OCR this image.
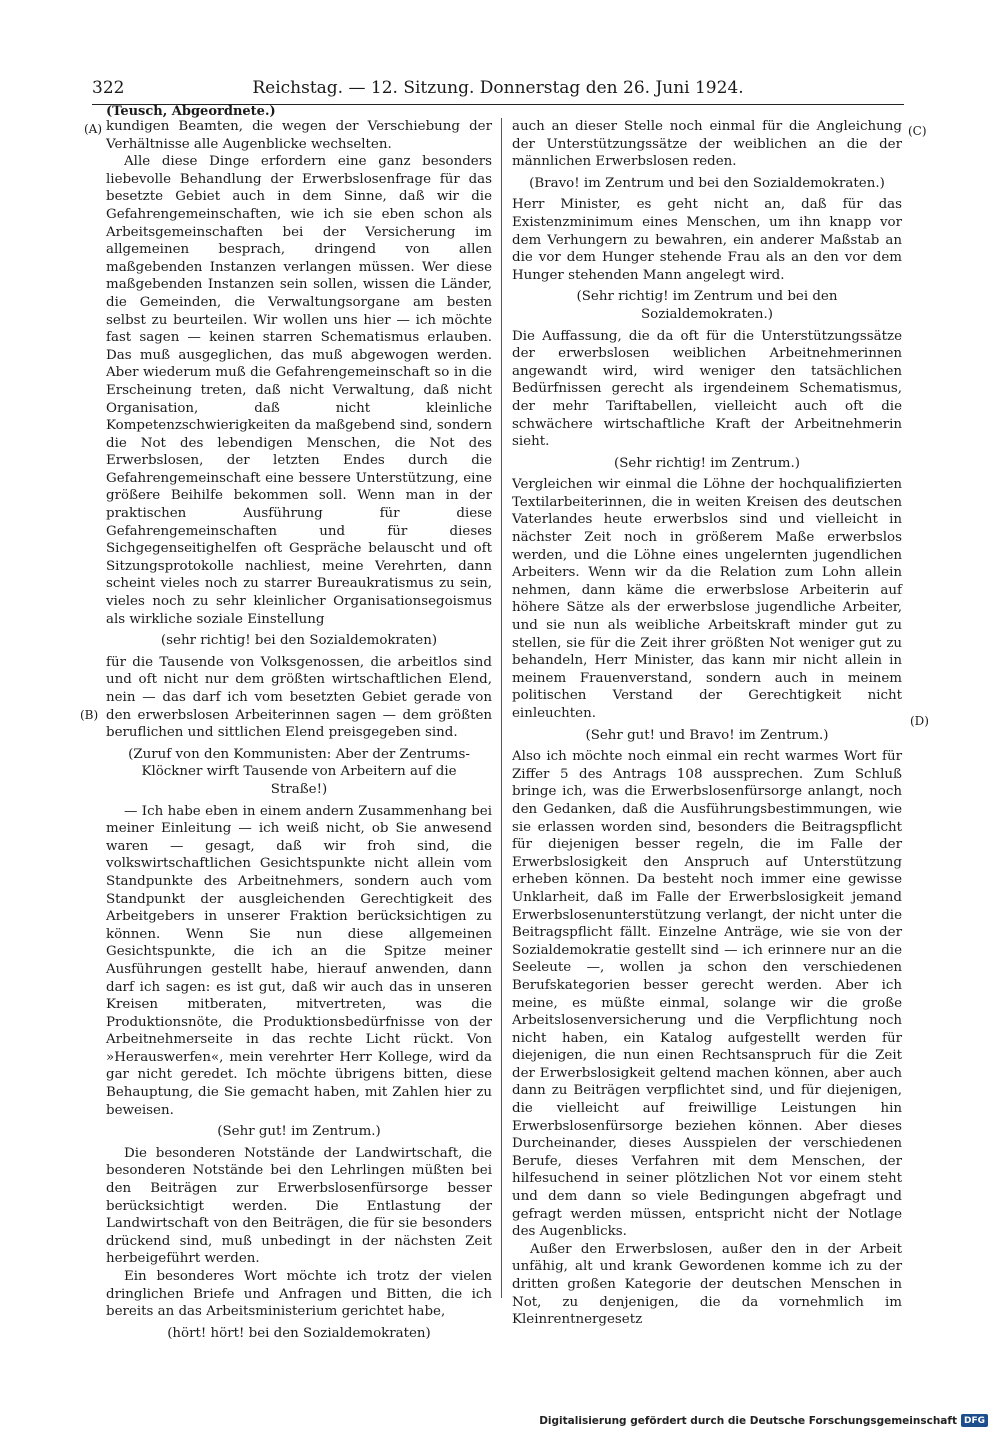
322	Reichstag. — 12. Sitzung. Donnerstag den 26. Juni 1924.
(Teusch, Abgeordnete.)
(A)
(B)
(C)
(D)

kundigen Beamten, die wegen der Verschiebung der Verhältnisse alle Augenblicke wechselten.

Alle diese Dinge erfordern eine ganz besonders liebevolle Behandlung der Erwerbslosenfrage für das besetzte Gebiet auch in dem Sinne, daß wir die Gefahrengemeinschaften, wie ich sie eben schon als Arbeitsgemeinschaften bei der Versicherung im allgemeinen besprach, dringend von allen maßgebenden Instanzen verlangen müssen. Wer diese maßgebenden Instanzen sein sollen, wissen die Länder, die Gemeinden, die Verwaltungsorgane am besten selbst zu beurteilen. Wir wollen uns hier — ich möchte fast sagen — keinen starren Schematismus erlauben. Das muß ausgeglichen, das muß abgewogen werden. Aber wiederum muß die Gefahrengemeinschaft so in die Erscheinung treten, daß nicht Verwaltung, daß nicht Organisation, daß nicht kleinliche Kompetenzschwierigkeiten da maßgebend sind, sondern die Not des lebendigen Menschen, die Not des Erwerbslosen, der letzten Endes durch die Gefahrengemeinschaft eine bessere Unterstützung, eine größere Beihilfe bekommen soll. Wenn man in der praktischen Ausführung für diese Gefahrengemeinschaften und für dieses Sichgegenseitighelfen oft Gespräche belauscht und oft Sitzungsprotokolle nachliest, meine Verehrten, dann scheint vieles noch zu starrer Bureaukratismus zu sein, vieles noch zu sehr kleinlicher Organisationsegoismus als wirkliche soziale Einstellung

(sehr richtig! bei den Sozialdemokraten)

für die Tausende von Volksgenossen, die arbeitlos sind und oft nicht nur dem größten wirtschaftlichen Elend, nein — das darf ich vom besetzten Gebiet gerade von den erwerbslosen Arbeiterinnen sagen — dem größten beruflichen und sittlichen Elend preisgegeben sind.

(Zuruf von den Kommunisten: Aber der Zentrums-Klöckner wirft Tausende von Arbeitern auf die Straße!)

— Ich habe eben in einem andern Zusammenhang bei meiner Einleitung — ich weiß nicht, ob Sie anwesend waren — gesagt, daß wir froh sind, die volkswirtschaftlichen Gesichtspunkte nicht allein vom Standpunkte des Arbeitnehmers, sondern auch vom Standpunkt der ausgleichenden Gerechtigkeit des Arbeitgebers in unserer Fraktion berücksichtigen zu können. Wenn Sie nun diese allgemeinen Gesichtspunkte, die ich an die Spitze meiner Ausführungen gestellt habe, hierauf anwenden, dann darf ich sagen: es ist gut, daß wir auch das in unseren Kreisen mitberaten, mitvertreten, was die Produktionsnöte, die Produktionsbedürfnisse von der Arbeitnehmerseite in das rechte Licht rückt. Von »Herauswerfen«, mein verehrter Herr Kollege, wird da gar nicht geredet. Ich möchte übrigens bitten, diese Behauptung, die Sie gemacht haben, mit Zahlen hier zu beweisen.

(Sehr gut! im Zentrum.)

Die besonderen Notstände der Landwirtschaft, die besonderen Notstände bei den Lehrlingen müßten bei den Beiträgen zur Erwerbslosenfürsorge besser berücksichtigt werden. Die Entlastung der Landwirtschaft von den Beiträgen, die für sie besonders drückend sind, muß unbedingt in der nächsten Zeit herbeigeführt werden.

Ein besonderes Wort möchte ich trotz der vielen dringlichen Briefe und Anfragen und Bitten, die ich bereits an das Arbeitsministerium gerichtet habe,

(hört! hört! bei den Sozialdemokraten)

auch an dieser Stelle noch einmal für die Angleichung der Unterstützungssätze der weiblichen an die der männlichen Erwerbslosen reden.

(Bravo! im Zentrum und bei den Sozialdemokraten.)

Herr Minister, es geht nicht an, daß für das Existenzminimum eines Menschen, um ihn knapp vor dem Verhungern zu bewahren, ein anderer Maßstab an die vor dem Hunger stehende Frau als an den vor dem Hunger stehenden Mann angelegt wird.

(Sehr richtig! im Zentrum und bei den Sozialdemokraten.)

Die Auffassung, die da oft für die Unterstützungssätze der erwerbslosen weiblichen Arbeitnehmerinnen angewandt wird, wird weniger den tatsächlichen Bedürfnissen gerecht als irgendeinem Schematismus, der mehr Tariftabellen, vielleicht auch oft die schwächere wirtschaftliche Kraft der Arbeitnehmerin sieht.

(Sehr richtig! im Zentrum.)

Vergleichen wir einmal die Löhne der hochqualifizierten Textilarbeiterinnen, die in weiten Kreisen des deutschen Vaterlandes heute erwerbslos sind und vielleicht in nächster Zeit noch in größerem Maße erwerbslos werden, und die Löhne eines ungelernten jugendlichen Arbeiters. Wenn wir da die Relation zum Lohn allein nehmen, dann käme die erwerbslose Arbeiterin auf höhere Sätze als der erwerbslose jugendliche Arbeiter, und sie nun als weibliche Arbeitskraft minder gut zu stellen, sie für die Zeit ihrer größten Not weniger gut zu behandeln, Herr Minister, das kann mir nicht allein in meinem Frauenverstand, sondern auch in meinem politischen Verstand der Gerechtigkeit nicht einleuchten.

(Sehr gut! und Bravo! im Zentrum.)

Also ich möchte noch einmal ein recht warmes Wort für Ziffer 5 des Antrags 108 aussprechen. Zum Schluß bringe ich, was die Erwerbslosenfürsorge anlangt, noch den Gedanken, daß die Ausführungsbestimmungen, wie sie erlassen worden sind, besonders die Beitragspflicht für diejenigen besser regeln, die im Falle der Erwerbslosigkeit den Anspruch auf Unterstützung erheben können. Da besteht noch immer eine gewisse Unklarheit, daß im Falle der Erwerbslosigkeit jemand Erwerbslosenunterstützung verlangt, der nicht unter die Beitragspflicht fällt. Einzelne Anträge, wie sie von der Sozialdemokratie gestellt sind — ich erinnere nur an die Seeleute —, wollen ja schon den verschiedenen Berufskategorien besser gerecht werden. Aber ich meine, es müßte einmal, solange wir die große Arbeitslosenversicherung und die Verpflichtung noch nicht haben, ein Katalog aufgestellt werden für diejenigen, die nun einen Rechtsanspruch für die Zeit der Erwerbslosigkeit geltend machen können, aber auch dann zu Beiträgen verpflichtet sind, und für diejenigen, die vielleicht auf freiwillige Leistungen hin Erwerbslosenfürsorge beziehen können. Aber dieses Durcheinander, dieses Ausspielen der verschiedenen Berufe, dieses Verfahren mit dem Menschen, der hilfesuchend in seiner plötzlichen Not vor einem steht und dem dann so viele Bedingungen abgefragt und gefragt werden müssen, entspricht nicht der Notlage des Augenblicks.

Außer den Erwerbslosen, außer den in der Arbeit unfähig, alt und krank Gewordenen komme ich zu der dritten großen Kategorie der deutschen Menschen in Not, zu denjenigen, die da vornehmlich im Kleinrentnergesetz

Digitalisierung gefördert durch die Deutsche Forschungsgemeinschaft DFG
